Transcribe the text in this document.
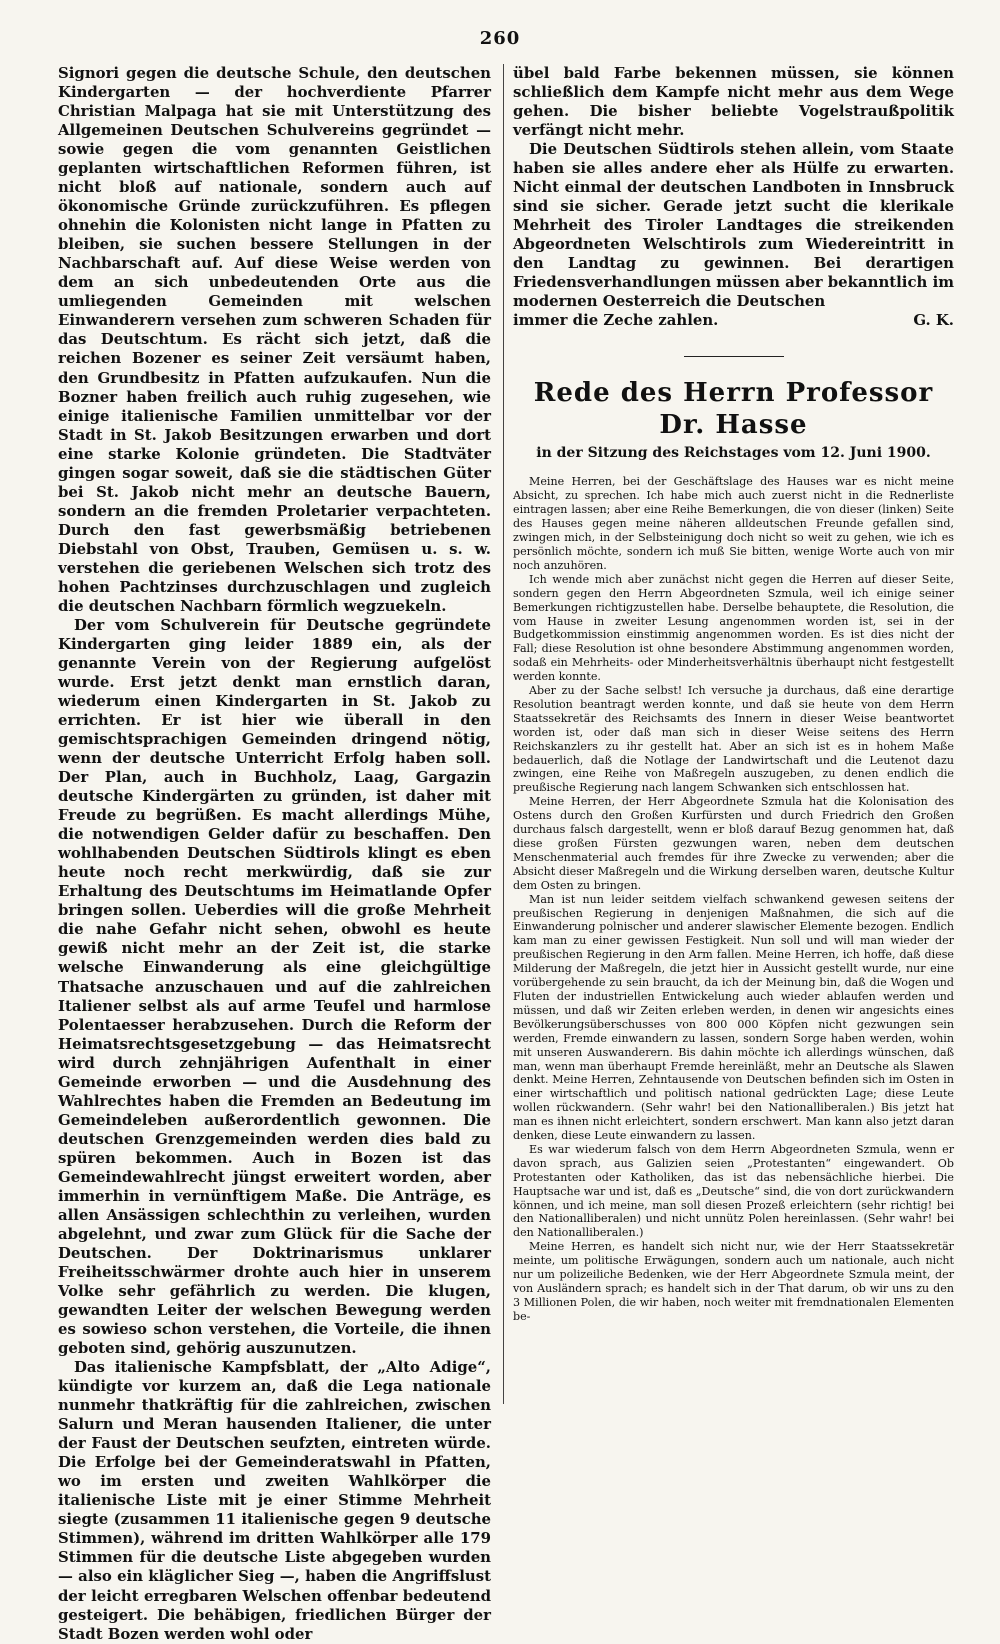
260

Signori gegen die deutsche Schule, den deutschen Kindergarten — der hochverdiente Pfarrer Christian Malpaga hat sie mit Unterstützung des Allgemeinen Deutschen Schulvereins gegründet — sowie gegen die vom genannten Geistlichen geplanten wirtschaftlichen Reformen führen, ist nicht bloß auf nationale, sondern auch auf ökonomische Gründe zurückzuführen. Es pflegen ohnehin die Kolonisten nicht lange in Pfatten zu bleiben, sie suchen bessere Stellungen in der Nachbarschaft auf. Auf diese Weise werden von dem an sich unbedeutenden Orte aus die umliegenden Gemeinden mit welschen Einwanderern versehen zum schweren Schaden für das Deutschtum. Es rächt sich jetzt, daß die reichen Bozener es seiner Zeit versäumt haben, den Grundbesitz in Pfatten aufzukaufen. Nun die Bozner haben freilich auch ruhig zugesehen, wie einige italienische Familien unmittelbar vor der Stadt in St. Jakob Besitzungen erwarben und dort eine starke Kolonie gründeten. Die Stadtväter gingen sogar soweit, daß sie die städtischen Güter bei St. Jakob nicht mehr an deutsche Bauern, sondern an die fremden Proletarier verpachteten. Durch den fast gewerbsmäßig betriebenen Diebstahl von Obst, Trauben, Gemüsen u. s. w. verstehen die geriebenen Welschen sich trotz des hohen Pachtzinses durchzuschlagen und zugleich die deutschen Nachbarn förmlich wegzuekeln.

Der vom Schulverein für Deutsche gegründete Kindergarten ging leider 1889 ein, als der genannte Verein von der Regierung aufgelöst wurde. Erst jetzt denkt man ernstlich daran, wiederum einen Kindergarten in St. Jakob zu errichten. Er ist hier wie überall in den gemischtsprachigen Gemeinden dringend nötig, wenn der deutsche Unterricht Erfolg haben soll. Der Plan, auch in Buchholz, Laag, Gargazin deutsche Kindergärten zu gründen, ist daher mit Freude zu begrüßen. Es macht allerdings Mühe, die notwendigen Gelder dafür zu beschaffen. Den wohlhabenden Deutschen Südtirols klingt es eben heute noch recht merkwürdig, daß sie zur Erhaltung des Deutschtums im Heimatlande Opfer bringen sollen. Ueberdies will die große Mehrheit die nahe Gefahr nicht sehen, obwohl es heute gewiß nicht mehr an der Zeit ist, die starke welsche Einwanderung als eine gleichgültige Thatsache anzuschauen und auf die zahlreichen Italiener selbst als auf arme Teufel und harmlose Polentaesser herabzusehen. Durch die Reform der Heimatsrechtsgesetzgebung — das Heimatsrecht wird durch zehnjährigen Aufenthalt in einer Gemeinde erworben — und die Ausdehnung des Wahlrechtes haben die Fremden an Bedeutung im Gemeindeleben außerordentlich gewonnen. Die deutschen Grenzgemeinden werden dies bald zu spüren bekommen. Auch in Bozen ist das Gemeindewahlrecht jüngst erweitert worden, aber immerhin in vernünftigem Maße. Die Anträge, es allen Ansässigen schlechthin zu verleihen, wurden abgelehnt, und zwar zum Glück für die Sache der Deutschen. Der Doktrinarismus unklarer Freiheitsschwärmer drohte auch hier in unserem Volke sehr gefährlich zu werden. Die klugen, gewandten Leiter der welschen Bewegung werden es sowieso schon verstehen, die Vorteile, die ihnen geboten sind, gehörig auszunutzen.

Das italienische Kampfsblatt, der „Alto Adige“, kündigte vor kurzem an, daß die Lega nationale nunmehr thatkräftig für die zahlreichen, zwischen Salurn und Meran hausenden Italiener, die unter der Faust der Deutschen seufzten, eintreten würde. Die Erfolge bei der Gemeinderatswahl in Pfatten, wo im ersten und zweiten Wahlkörper die italienische Liste mit je einer Stimme Mehrheit siegte (zusammen 11 italienische gegen 9 deutsche Stimmen), während im dritten Wahlkörper alle 179 Stimmen für die deutsche Liste abgegeben wurden — also ein kläglicher Sieg —, haben die Angriffslust der leicht erregbaren Welschen offenbar bedeutend gesteigert. Die behäbigen, friedlichen Bürger der Stadt Bozen werden wohl oder

übel bald Farbe bekennen müssen, sie können schließlich dem Kampfe nicht mehr aus dem Wege gehen. Die bisher beliebte Vogelstraußpolitik verfängt nicht mehr.

Die Deutschen Südtirols stehen allein, vom Staate haben sie alles andere eher als Hülfe zu erwarten. Nicht einmal der deutschen Landboten in Innsbruck sind sie sicher. Gerade jetzt sucht die klerikale Mehrheit des Tiroler Landtages die streikenden Abgeordneten Welschtirols zum Wiedereintritt in den Landtag zu gewinnen. Bei derartigen Friedensverhandlungen müssen aber bekanntlich im modernen Oesterreich die Deutschen

immer die Zeche zahlen.	G. K.

Rede des Herrn Professor Dr. Hasse
in der Sitzung des Reichstages vom 12. Juni 1900.

Meine Herren, bei der Geschäftslage des Hauses war es nicht meine Absicht, zu sprechen. Ich habe mich auch zuerst nicht in die Rednerliste eintragen lassen; aber eine Reihe Bemerkungen, die von dieser (linken) Seite des Hauses gegen meine näheren alldeutschen Freunde gefallen sind, zwingen mich, in der Selbsteinigung doch nicht so weit zu gehen, wie ich es persönlich möchte, sondern ich muß Sie bitten, wenige Worte auch von mir noch anzuhören.

Ich wende mich aber zunächst nicht gegen die Herren auf dieser Seite, sondern gegen den Herrn Abgeordneten Szmula, weil ich einige seiner Bemerkungen richtigzustellen habe. Derselbe behauptete, die Resolution, die vom Hause in zweiter Lesung angenommen worden ist, sei in der Budgetkommission einstimmig angenommen worden. Es ist dies nicht der Fall; diese Resolution ist ohne besondere Abstimmung angenommen worden, sodaß ein Mehrheits- oder Minderheitsverhältnis überhaupt nicht festgestellt werden konnte.

Aber zu der Sache selbst! Ich versuche ja durchaus, daß eine derartige Resolution beantragt werden konnte, und daß sie heute von dem Herrn Staatssekretär des Reichsamts des Innern in dieser Weise beantwortet worden ist, oder daß man sich in dieser Weise seitens des Herrn Reichskanzlers zu ihr gestellt hat. Aber an sich ist es in hohem Maße bedauerlich, daß die Notlage der Landwirtschaft und die Leutenot dazu zwingen, eine Reihe von Maßregeln auszugeben, zu denen endlich die preußische Regierung nach langem Schwanken sich entschlossen hat.

Meine Herren, der Herr Abgeordnete Szmula hat die Kolonisation des Ostens durch den Großen Kurfürsten und durch Friedrich den Großen durchaus falsch dargestellt, wenn er bloß darauf Bezug genommen hat, daß diese großen Fürsten gezwungen waren, neben dem deutschen Menschenmaterial auch fremdes für ihre Zwecke zu verwenden; aber die Absicht dieser Maßregeln und die Wirkung derselben waren, deutsche Kultur dem Osten zu bringen.

Man ist nun leider seitdem vielfach schwankend gewesen seitens der preußischen Regierung in denjenigen Maßnahmen, die sich auf die Einwanderung polnischer und anderer slawischer Elemente bezogen. Endlich kam man zu einer gewissen Festigkeit. Nun soll und will man wieder der preußischen Regierung in den Arm fallen. Meine Herren, ich hoffe, daß diese Milderung der Maßregeln, die jetzt hier in Aussicht gestellt wurde, nur eine vorübergehende zu sein braucht, da ich der Meinung bin, daß die Wogen und Fluten der industriellen Entwickelung auch wieder ablaufen werden und müssen, und daß wir Zeiten erleben werden, in denen wir angesichts eines Bevölkerungsüberschusses von 800 000 Köpfen nicht gezwungen sein werden, Fremde einwandern zu lassen, sondern Sorge haben werden, wohin mit unseren Auswanderern. Bis dahin möchte ich allerdings wünschen, daß man, wenn man überhaupt Fremde hereinläßt, mehr an Deutsche als Slawen denkt. Meine Herren, Zehntausende von Deutschen befinden sich im Osten in einer wirtschaftlich und politisch national gedrückten Lage; diese Leute wollen rückwandern. (Sehr wahr! bei den Nationalliberalen.) Bis jetzt hat man es ihnen nicht erleichtert, sondern erschwert. Man kann also jetzt daran denken, diese Leute einwandern zu lassen.

Es war wiederum falsch von dem Herrn Abgeordneten Szmula, wenn er davon sprach, aus Galizien seien „Protestanten“ eingewandert. Ob Protestanten oder Katholiken, das ist das nebensächliche hierbei. Die Hauptsache war und ist, daß es „Deutsche“ sind, die von dort zurückwandern können, und ich meine, man soll diesen Prozeß erleichtern (sehr richtig! bei den Nationalliberalen) und nicht unnütz Polen hereinlassen. (Sehr wahr! bei den Nationalliberalen.)

Meine Herren, es handelt sich nicht nur, wie der Herr Staatssekretär meinte, um politische Erwägungen, sondern auch um nationale, auch nicht nur um polizeiliche Bedenken, wie der Herr Abgeordnete Szmula meint, der von Ausländern sprach; es handelt sich in der That darum, ob wir uns zu den 3 Millionen Polen, die wir haben, noch weiter mit fremdnationalen Elementen be-
